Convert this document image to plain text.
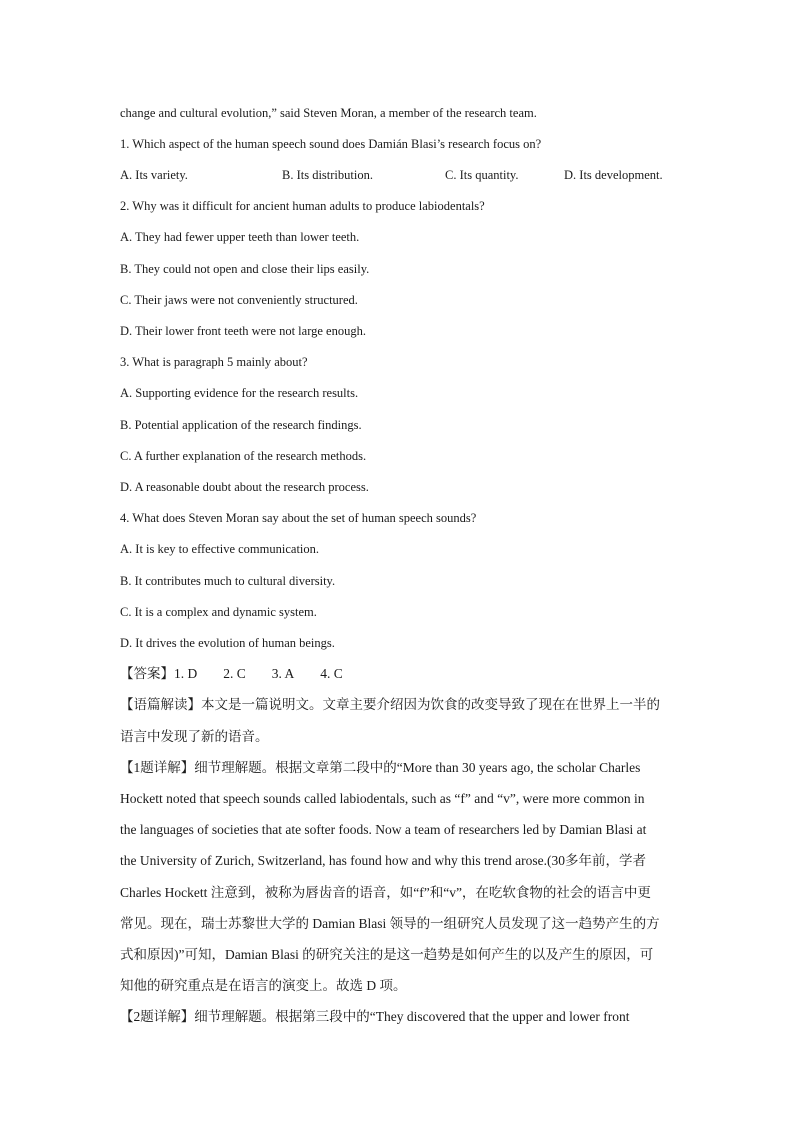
change and cultural evolution,” said Steven Moran, a member of the research team.
1. Which aspect of the human speech sound does Damián Blasi’s research focus on?
A. Its variety.	B. Its distribution.	C. Its quantity.	D. Its development.
2. Why was it difficult for ancient human adults to produce labiodentals?
A. They had fewer upper teeth than lower teeth.
B. They could not open and close their lips easily.
C. Their jaws were not conveniently structured.
D. Their lower front teeth were not large enough.
3. What is paragraph 5 mainly about?
A. Supporting evidence for the research results.
B. Potential application of the research findings.
C. A further explanation of the research methods.
D. A reasonable doubt about the research process.
4. What does Steven Moran say about the set of human speech sounds?
A. It is key to effective communication.
B. It contributes much to cultural diversity.
C. It is a complex and dynamic system.
D. It drives the evolution of human beings.
【答案】1. D 2. C 3. A 4. C
【语篇解读】本文是一篇说明文。文章主要介绍因为饮食的改变导致了现在在世界上一半的
语言中发现了新的语音。
【1题详解】细节理解题。根据文章第二段中的“More than 30 years ago, the scholar Charles
Hockett noted that speech sounds called labiodentals, such as “f” and “v”, were more common in
the languages of societies that ate softer foods. Now a team of researchers led by Damian Blasi at
the University of Zurich, Switzerland, has found how and why this trend arose.(30多年前，学者
Charles Hockett 注意到，被称为唇齿音的语音，如“f”和“v”，在吃软食物的社会的语言中更
常见。现在，瑞士苏黎世大学的 Damian Blasi 领导的一组研究人员发现了这一趋势产生的方
式和原因)”可知，Damian Blasi 的研究关注的是这一趋势是如何产生的以及产生的原因，可
知他的研究重点是在语言的演变上。故选 D 项。
【2题详解】细节理解题。根据第三段中的“They discovered that the upper and lower front
